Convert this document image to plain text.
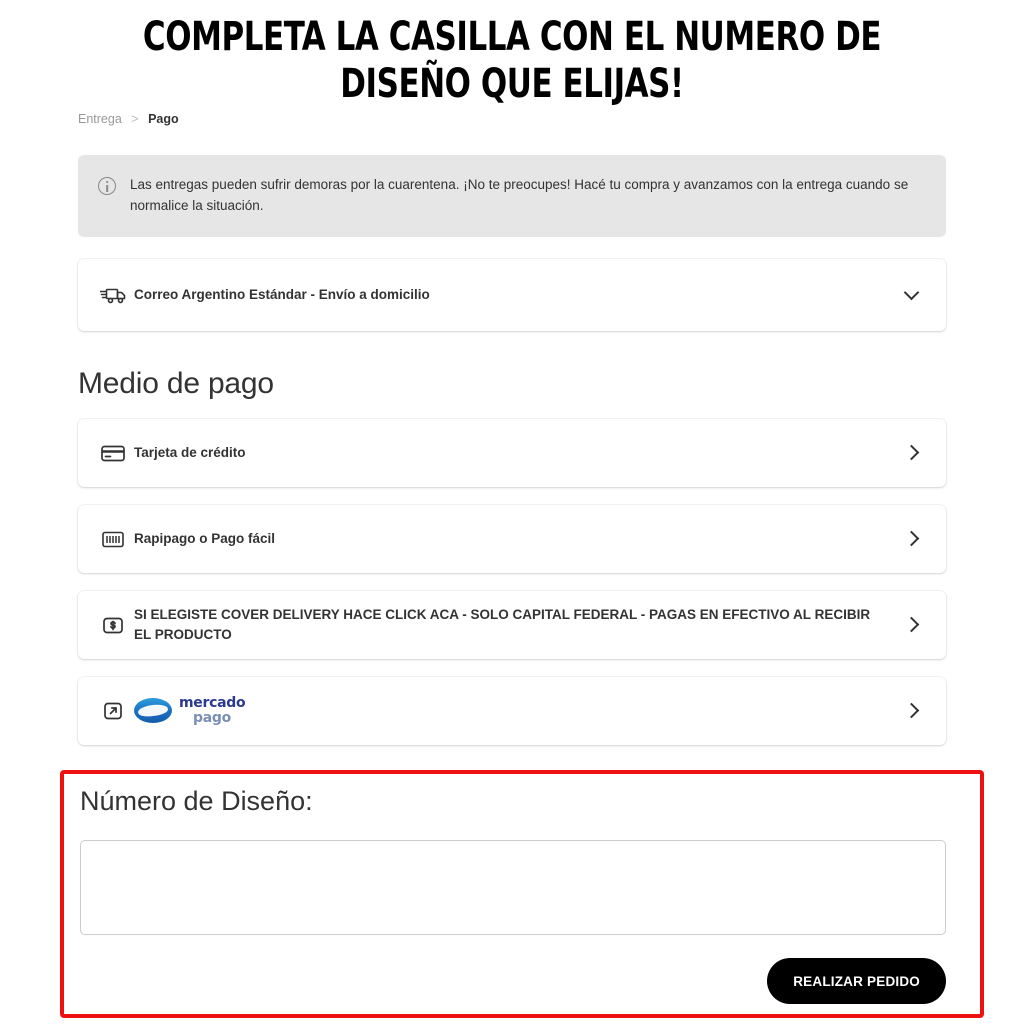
COMPLETA LA CASILLA CON EL NUMERO DE
DISEÑO QUE ELIJAS!
Entrega > Pago
Las entregas pueden sufrir demoras por la cuarentena. ¡No te preocupes! Hacé tu compra y avanzamos con la entrega cuando se normalice la situación.
Correo Argentino Estándar - Envío a domicilio
Medio de pago
Tarjeta de crédito
Rapipago o Pago fácil
SI ELEGISTE COVER DELIVERY HACE CLICK ACA - SOLO CAPITAL FEDERAL - PAGAS EN EFECTIVO AL RECIBIR EL PRODUCTO
mercado
pago
Número de Diseño:
REALIZAR PEDIDO
